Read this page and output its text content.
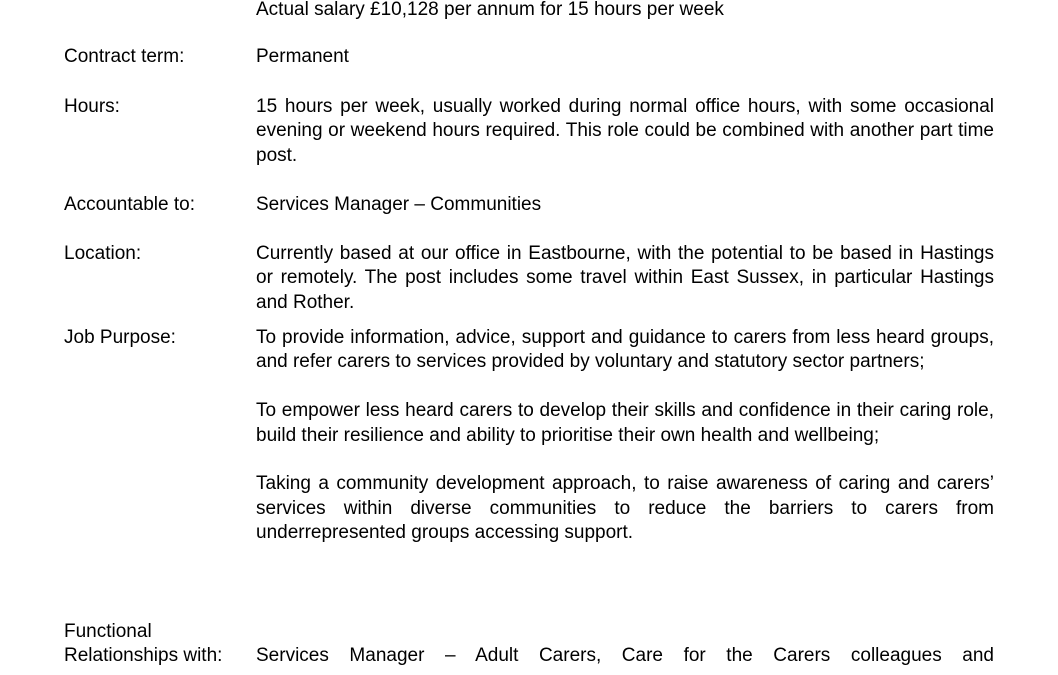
Actual salary £10,128 per annum for 15 hours per week
Contract term:	Permanent
Hours:	15 hours per week, usually worked during normal office hours, with some occasional evening or weekend hours required. This role could be combined with another part time post.
Accountable to:	Services Manager – Communities
Location:	Currently based at our office in Eastbourne, with the potential to be based in Hastings or remotely. The post includes some travel within East Sussex, in particular Hastings and Rother.
Job Purpose:	To provide information, advice, support and guidance to carers from less heard groups, and refer carers to services provided by voluntary and statutory sector partners;

To empower less heard carers to develop their skills and confidence in their caring role, build their resilience and ability to prioritise their own health and wellbeing;

Taking a community development approach, to raise awareness of caring and carers’ services within diverse communities to reduce the barriers to carers from underrepresented groups accessing support.

Functional
Relationships with: Services Manager – Adult Carers, Care for the Carers colleagues and
